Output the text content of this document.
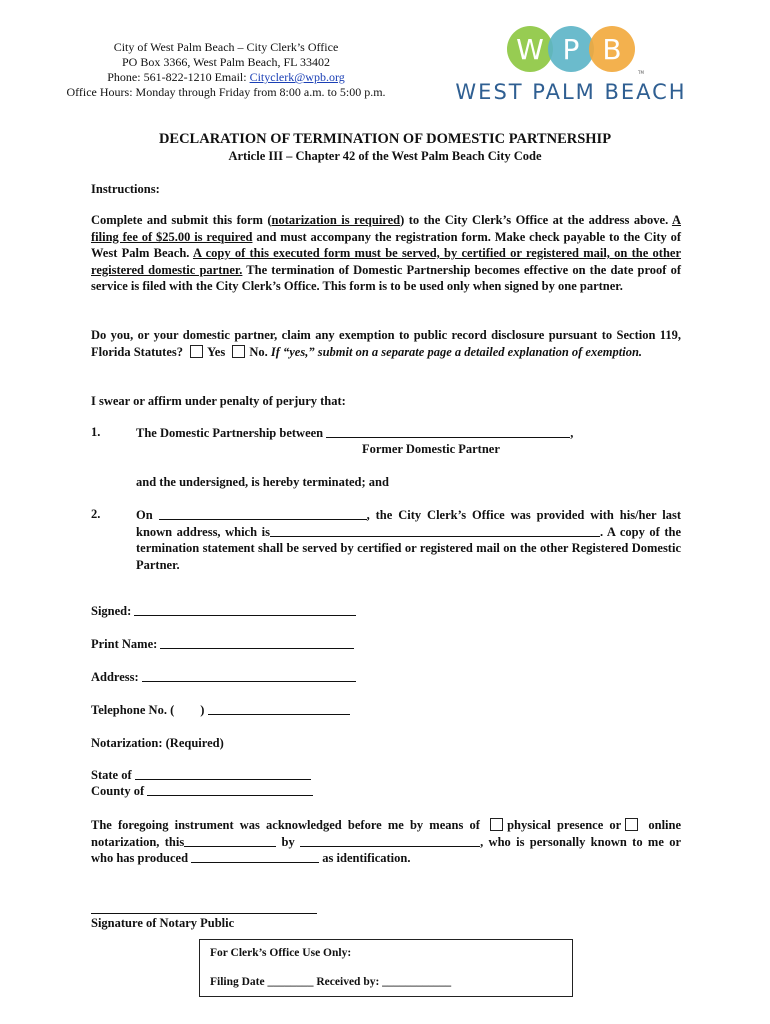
City of West Palm Beach – City Clerk’s Office
PO Box 3366, West Palm Beach, FL 33402
Phone: 561-822-1210 Email: Cityclerk@wpb.org
Office Hours: Monday through Friday from 8:00 a.m. to 5:00 p.m.
W P B
TM
WEST PALM BEACH
DECLARATION OF TERMINATION OF DOMESTIC PARTNERSHIP
Article III – Chapter 42 of the West Palm Beach City Code
Instructions:
Complete and submit this form (notarization is required) to the City Clerk’s Office at the address above. A filing fee of $25.00 is required and must accompany the registration form. Make check payable to the City of West Palm Beach. A copy of this executed form must be served, by certified or registered mail, on the other registered domestic partner. The termination of Domestic Partnership becomes effective on the date proof of service is filed with the City Clerk’s Office. This form is to be used only when signed by one partner.
Do you, or your domestic partner, claim any exemption to public record disclosure pursuant to Section 119, Florida Statutes? Yes No. If “yes,” submit on a separate page a detailed explanation of exemption.
I swear or affirm under penalty of perjury that:
1.	The Domestic Partnership between	,
Former Domestic Partner
and the undersigned, is hereby terminated; and
2.	On	, the City Clerk’s Office was provided with his/her last known address, which is	. A copy of the termination statement shall be served by certified or registered mail on the other Registered Domestic Partner.
Signed:
Print Name:
Address:
Telephone No. ( )
Notarization: (Required)
State of
County of
The foregoing instrument was acknowledged before me by means of physical presence or online notarization, this	by	, who is personally known to me or who has produced	as identification.
Signature of Notary Public
For Clerk’s Office Use Only:
Filing Date ________ Received by: ____________
